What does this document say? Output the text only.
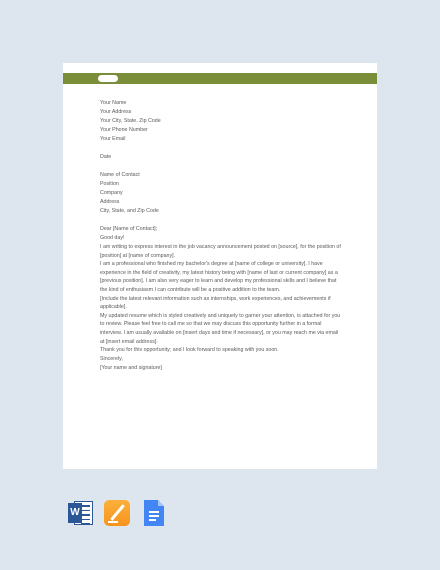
Your Name

Your Address

Your City, State, Zip Code

Your Phone Number

Your Email

Date

Name of Contact

Position

Company

Address

City, State, and Zip Code

Dear [Name of Contact];

Good day!

I am writing to express interest in the job vacancy announcement posted on [source], for the position of [position] at [name of company].

I am a professional who finished my bachelor's degree at [name of college or university]. I have experience in the field of creativity, my latest history being with [name of last or current company] as a [previous position]. I am also very eager to learn and develop my professional skills and I believe that the kind of enthusiasm I can contribute will be a positive addition to the team.

[Include the latest relevant information such as internships, work experiences, and achievements if applicable].

My updated resume which is styled creatively and uniquely to garner your attention, is attached for you to review. Please feel free to call me so that we may discuss this opportunity further in a formal interview. I am usually available on [insert days and time if necessary], or you may reach me via email at [insert email address].

Thank you for this opportunity; and I look forward to speaking with you soon.

Sincerely,

[Your name and signature]

W
